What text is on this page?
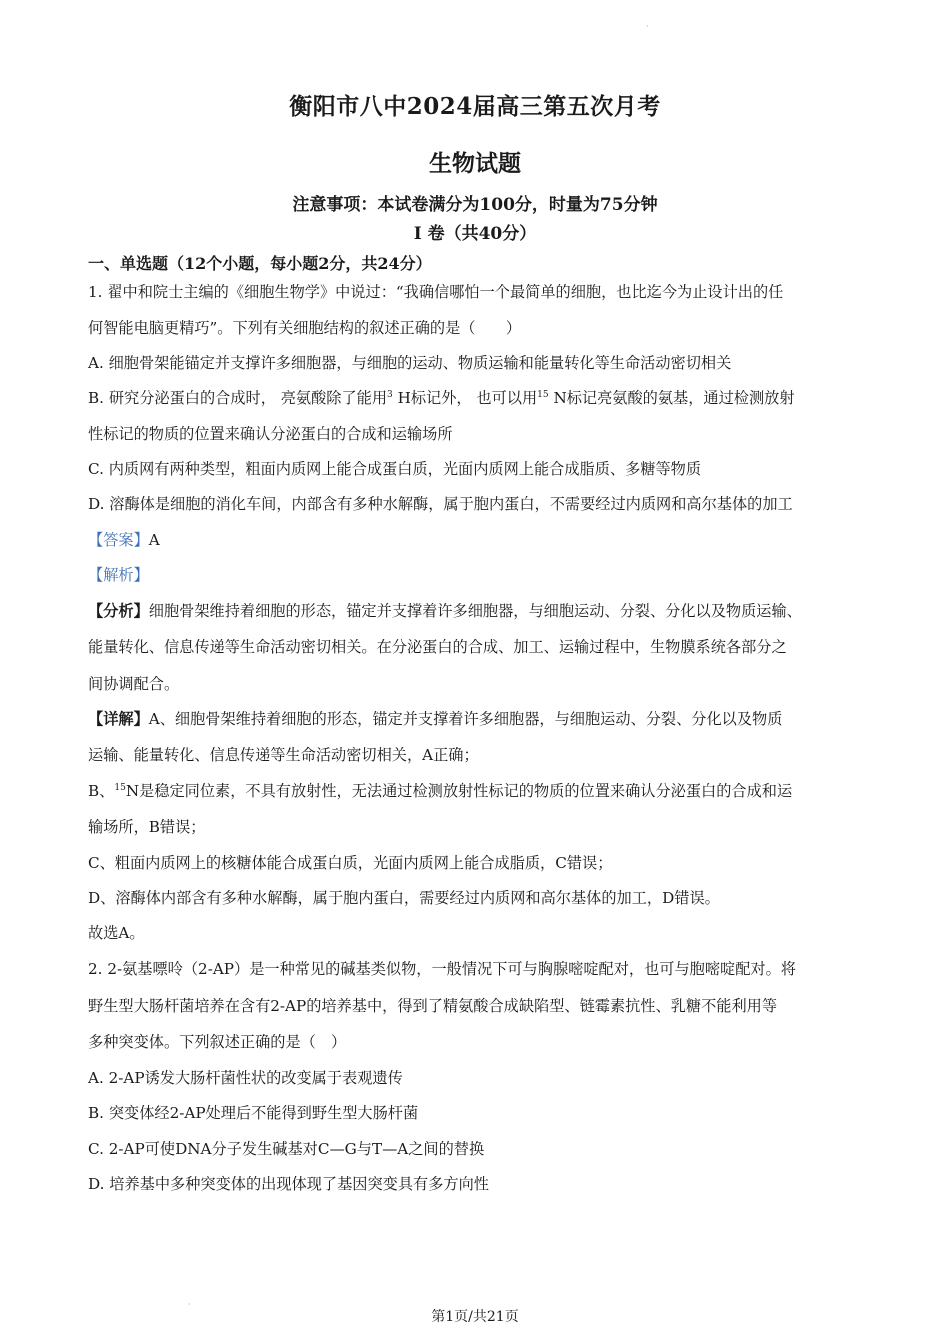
·
衡阳市八中2024届高三第五次月考
生物试题
注意事项：本试卷满分为100分，时量为75分钟
Ⅰ 卷（共40分）
一、单选题（12个小题，每小题2分，共24分）
1. 翟中和院士主编的《细胞生物学》中说过：“我确信哪怕一个最简单的细胞，也比迄今为止设计出的任
何智能电脑更精巧”。下列有关细胞结构的叙述正确的是（　　）
A. 细胞骨架能锚定并支撑许多细胞器，与细胞的运动、物质运输和能量转化等生命活动密切相关
B. 研究分泌蛋白的合成时， 亮氨酸除了能用$^3$ H标记外， 也可以用$^{15}$ N标记亮氨酸的氨基，通过检测放射
性标记的物质的位置来确认分泌蛋白的合成和运输场所
C. 内质网有两种类型，粗面内质网上能合成蛋白质，光面内质网上能合成脂质、多糖等物质
D. 溶酶体是细胞的消化车间，内部含有多种水解酶，属于胞内蛋白，不需要经过内质网和高尔基体的加工
【答案】A
【解析】
【分析】细胞骨架维持着细胞的形态，锚定并支撑着许多细胞器，与细胞运动、分裂、分化以及物质运输、
能量转化、信息传递等生命活动密切相关。在分泌蛋白的合成、加工、运输过程中，生物膜系统各部分之
间协调配合。
【详解】A、细胞骨架维持着细胞的形态，锚定并支撑着许多细胞器，与细胞运动、分裂、分化以及物质
运输、能量转化、信息传递等生命活动密切相关，A正确；
B、$^{15}$N是稳定同位素，不具有放射性，无法通过检测放射性标记的物质的位置来确认分泌蛋白的合成和运
输场所，B错误；
C、粗面内质网上的核糖体能合成蛋白质，光面内质网上能合成脂质，C错误；
D、溶酶体内部含有多种水解酶，属于胞内蛋白，需要经过内质网和高尔基体的加工，D错误。
故选A。
2. 2-氨基嘌呤（2-AP）是一种常见的碱基类似物，一般情况下可与胸腺嘧啶配对，也可与胞嘧啶配对。将
野生型大肠杆菌培养在含有2-AP的培养基中，得到了精氨酸合成缺陷型、链霉素抗性、乳糖不能利用等
多种突变体。下列叙述正确的是（　）
A. 2-AP诱发大肠杆菌性状的改变属于表观遗传
B. 突变体经2-AP处理后不能得到野生型大肠杆菌
C. 2-AP可使DNA分子发生碱基对C—G与T—A之间的替换
D. 培养基中多种突变体的出现体现了基因突变具有多方向性
·
第1页/共21页
